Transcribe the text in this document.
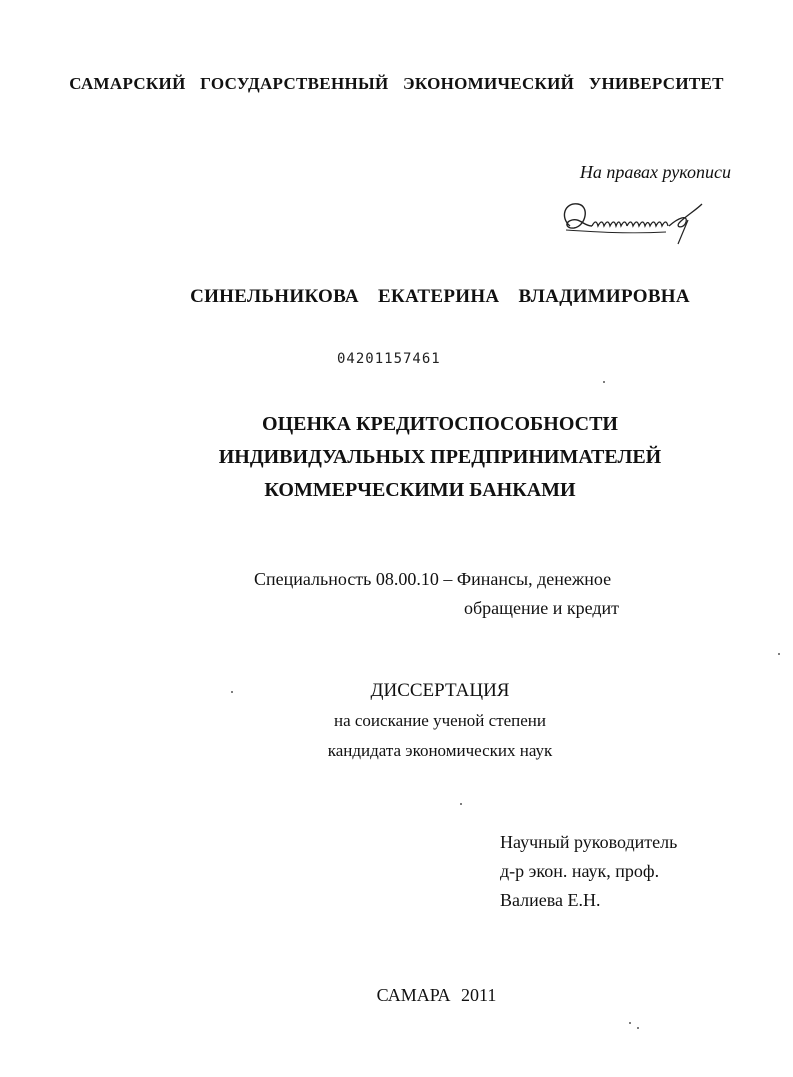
САМАРСКИЙ ГОСУДАРСТВЕННЫЙ ЭКОНОМИЧЕСКИЙ УНИВЕРСИТЕТ
На правах рукописи
СИНЕЛЬНИКОВА ЕКАТЕРИНА ВЛАДИМИРОВНА
04201157461
ОЦЕНКА КРЕДИТОСПОСОБНОСТИ
ИНДИВИДУАЛЬНЫХ ПРЕДПРИНИМАТЕЛЕЙ
КОММЕРЧЕСКИМИ БАНКАМИ
Специальность 08.00.10 – Финансы, денежное
обращение и кредит
ДИССЕРТАЦИЯ
на соискание ученой степени
кандидата экономических наук
Научный руководитель
д-р экон. наук, проф.
Валиева Е.Н.
САМАРА 2011
